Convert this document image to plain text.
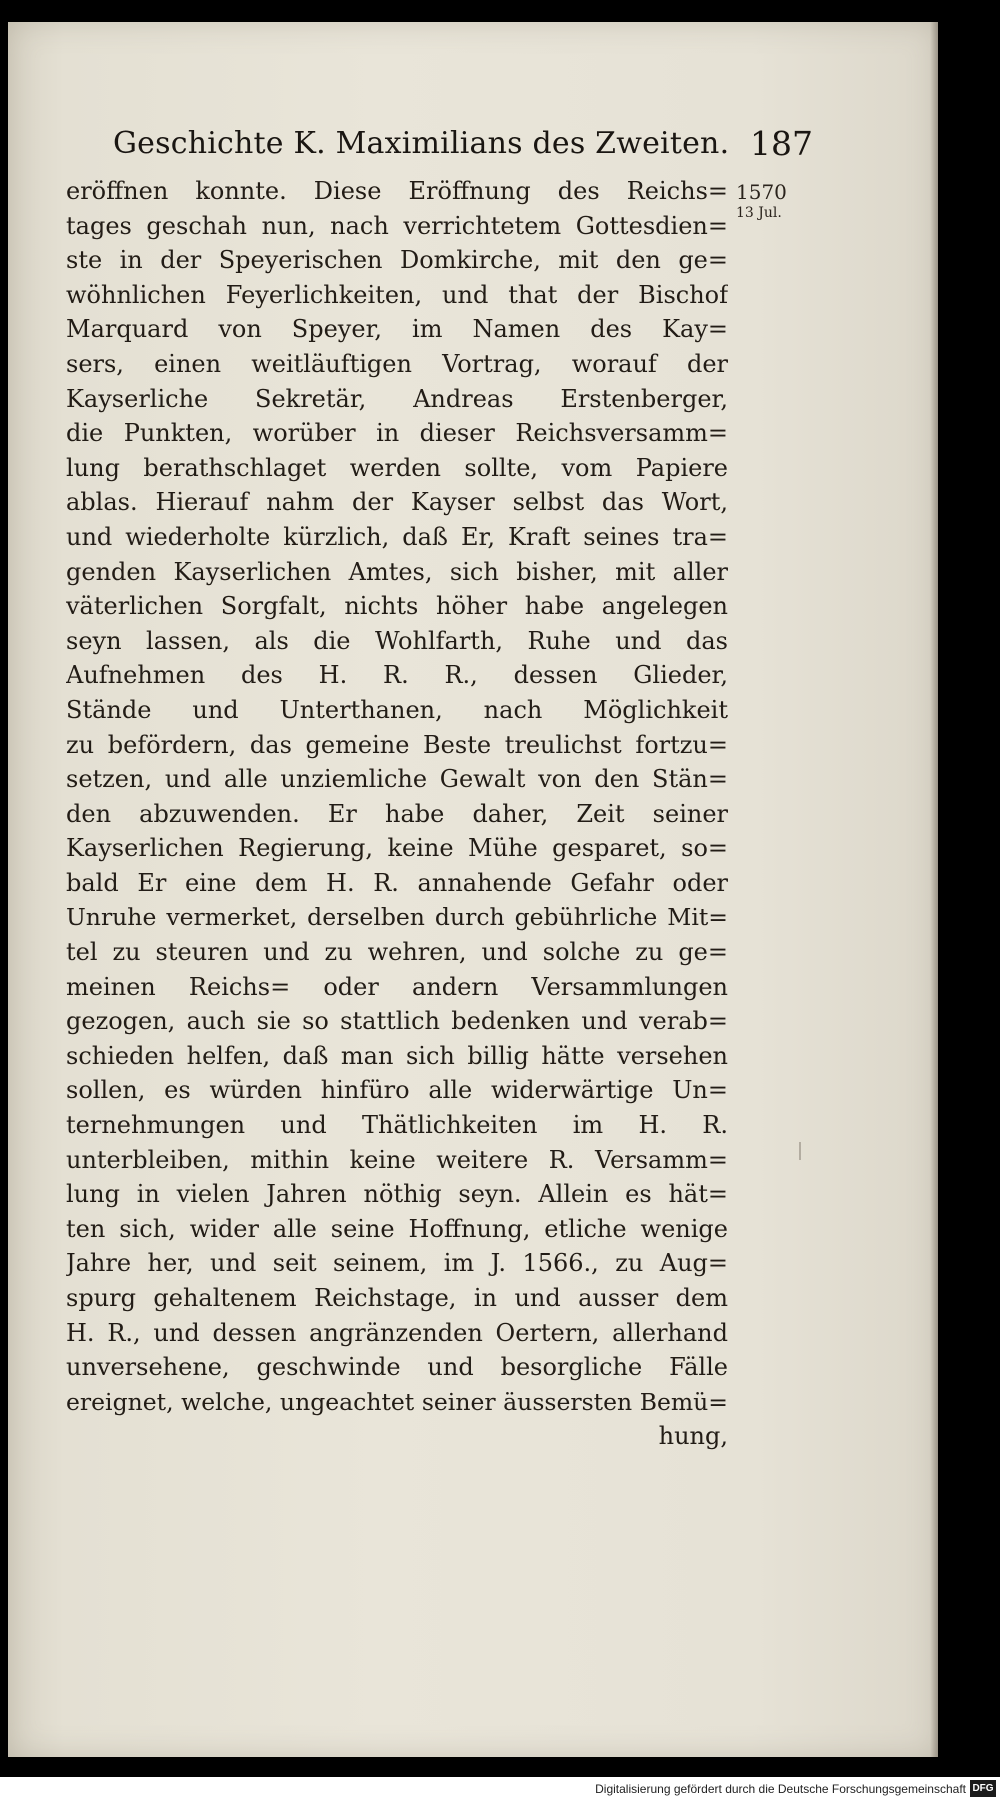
Geschichte K. Maximilians des Zweiten. 187
1570
13 Jul.
eröffnen konnte. Diese Eröffnung des Reichs=
tages geschah nun, nach verrichtetem Gottesdien=
ste in der Speyerischen Domkirche, mit den ge=
wöhnlichen Feyerlichkeiten, und that der Bischof
Marquard von Speyer, im Namen des Kay=
sers, einen weitläuftigen Vortrag, worauf der
Kayserliche Sekretär, Andreas Erstenberger,
die Punkten, worüber in dieser Reichsversamm=
lung berathschlaget werden sollte, vom Papiere
ablas. Hierauf nahm der Kayser selbst das Wort,
und wiederholte kürzlich, daß Er, Kraft seines tra=
genden Kayserlichen Amtes, sich bisher, mit aller
väterlichen Sorgfalt, nichts höher habe angelegen
seyn lassen, als die Wohlfarth, Ruhe und das
Aufnehmen des H. R. R., dessen Glieder,
Stände und Unterthanen, nach Möglichkeit
zu befördern, das gemeine Beste treulichst fortzu=
setzen, und alle unziemliche Gewalt von den Stän=
den abzuwenden. Er habe daher, Zeit seiner
Kayserlichen Regierung, keine Mühe gesparet, so=
bald Er eine dem H. R. annahende Gefahr oder
Unruhe vermerket, derselben durch gebührliche Mit=
tel zu steuren und zu wehren, und solche zu ge=
meinen Reichs= oder andern Versammlungen
gezogen, auch sie so stattlich bedenken und verab=
schieden helfen, daß man sich billig hätte versehen
sollen, es würden hinfüro alle widerwärtige Un=
ternehmungen und Thätlichkeiten im H. R.
unterbleiben, mithin keine weitere R. Versamm=
lung in vielen Jahren nöthig seyn. Allein es hät=
ten sich, wider alle seine Hoffnung, etliche wenige
Jahre her, und seit seinem, im J. 1566., zu Aug=
spurg gehaltenem Reichstage, in und ausser dem
H. R., und dessen angränzenden Oertern, allerhand
unversehene, geschwinde und besorgliche Fälle
ereignet, welche, ungeachtet seiner äussersten Bemü=
hung,
Digitalisierung gefördert durch die Deutsche Forschungsgemeinschaft DFG
